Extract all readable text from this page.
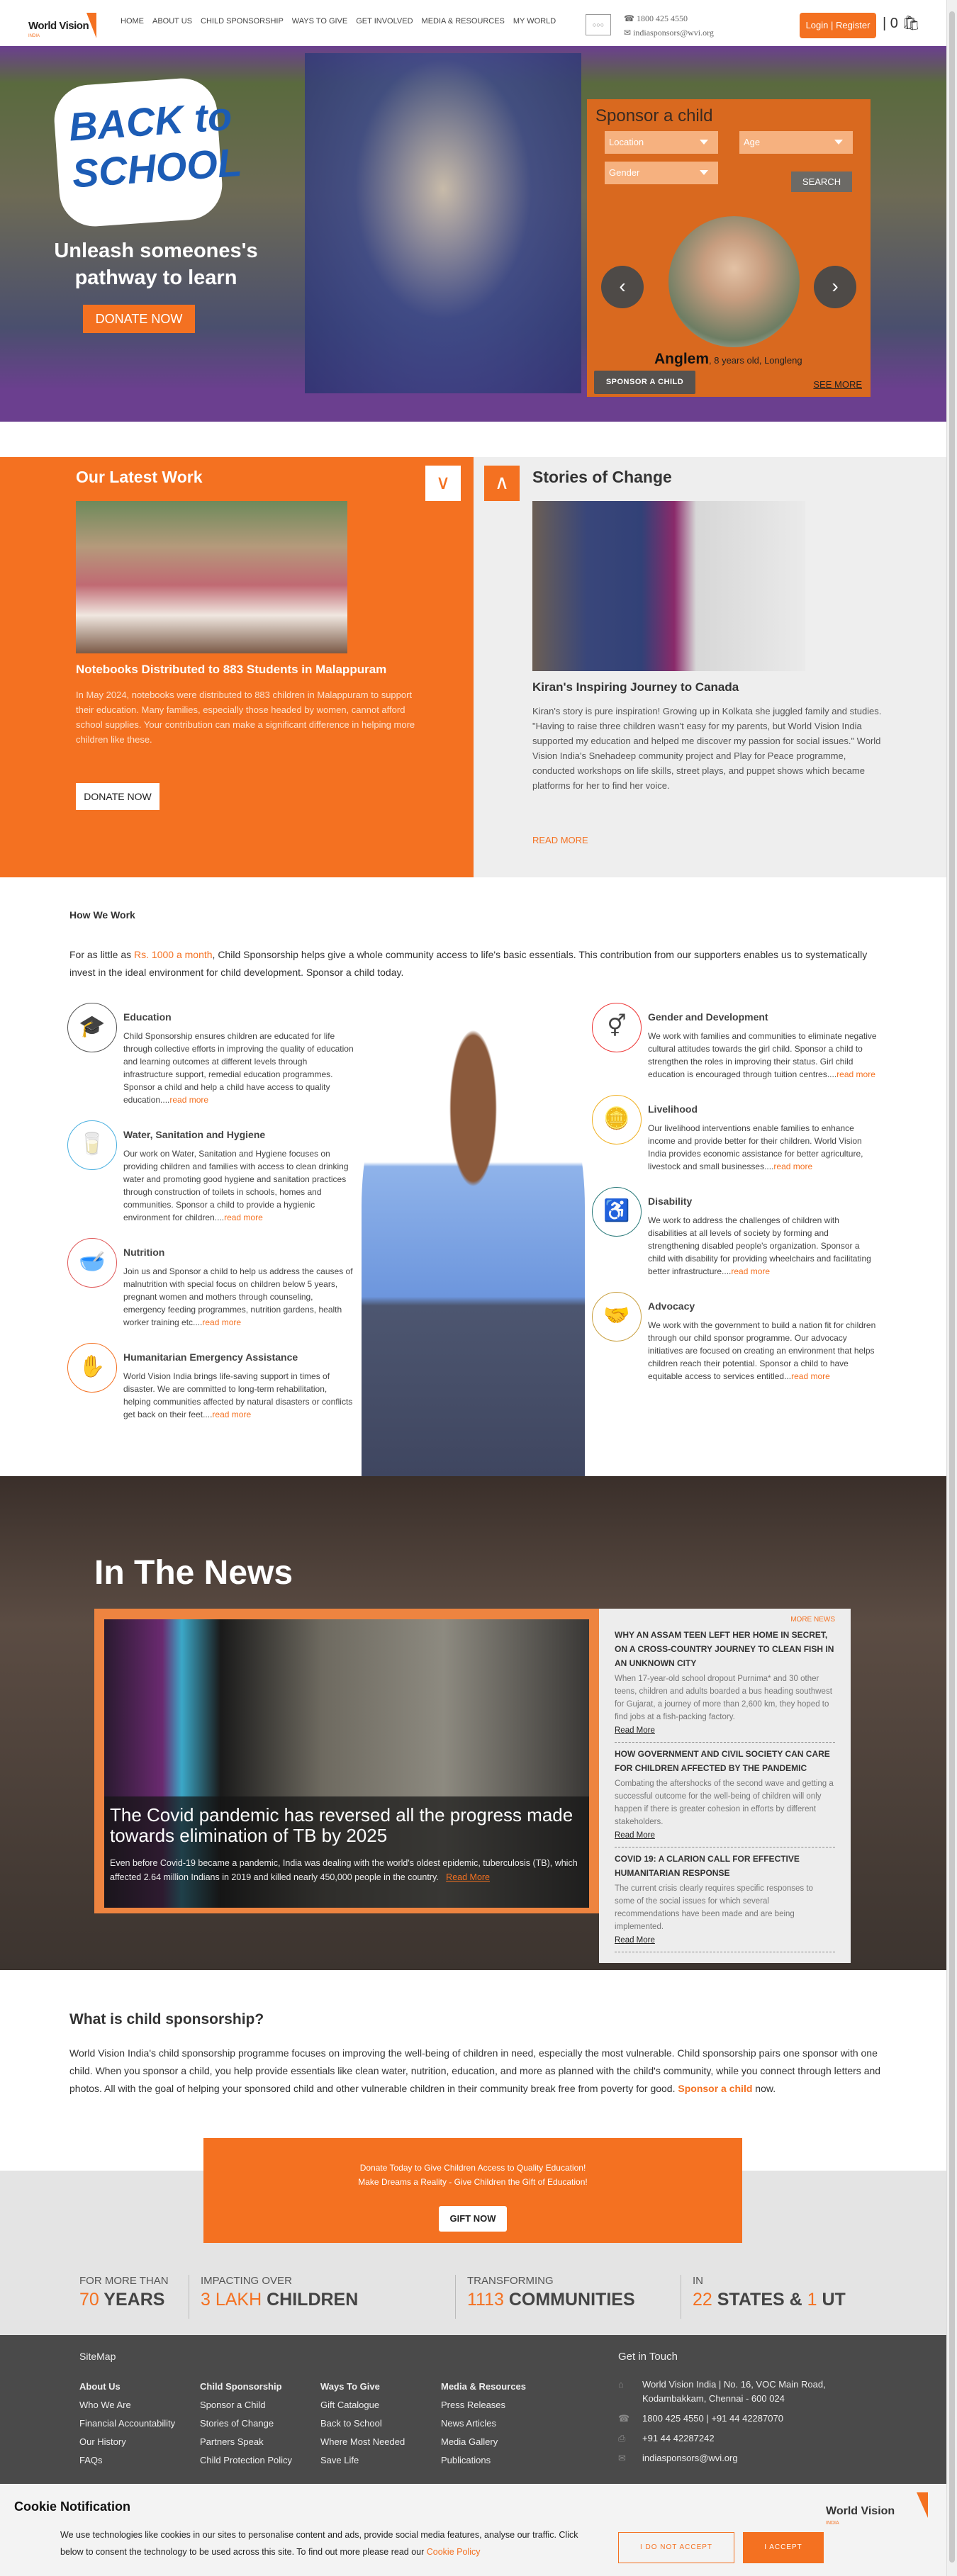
World Vision
INDIA
HOME ABOUT US CHILD SPONSORSHIP WAYS TO GIVE GET INVOLVED MEDIA & RESOURCES MY WORLD	○○○
☎ 1800 425 4550
✉ indiasponsors@wvi.org
Login | Register | 0 🛍
BACK to SCHOOL
Unleash someones's pathway to learn
DONATE NOW
Sponsor a child
Location	Age
Gender
SEARCH
‹	›
Anglem, 8 years old, Longleng
SPONSOR A CHILD	SEE MORE
Our Latest Work	∨
Notebooks Distributed to 883 Students in Malappuram

In May 2024, notebooks were distributed to 883 children in Malappuram to support their education. Many families, especially those headed by women, cannot afford school supplies. Your contribution can make a significant difference in helping more children like these.

DONATE NOW
∧	Stories of Change
Kiran's Inspiring Journey to Canada

Kiran's story is pure inspiration! Growing up in Kolkata she juggled family and studies. "Having to raise three children wasn't easy for my parents, but World Vision India supported my education and helped me discover my passion for social issues." World Vision India's Snehadeep community project and Play for Peace programme, conducted workshops on life skills, street plays, and puppet shows which became platforms for her to find her voice.

READ MORE
How We Work

For as little as Rs. 1000 a month, Child Sponsorship helps give a whole community access to life's basic essentials. This contribution from our supporters enables us to systematically invest in the ideal environment for child development. Sponsor a child today.

🎓	Education

Child Sponsorship ensures children are educated for life through collective efforts in improving the quality of education and learning outcomes at different levels through infrastructure support, remedial education programmes. Sponsor a child and help a child have access to quality education....read more

🥛	Water, Sanitation and Hygiene

Our work on Water, Sanitation and Hygiene focuses on providing children and families with access to clean drinking water and promoting good hygiene and sanitation practices through construction of toilets in schools, homes and communities. Sponsor a child to provide a hygienic environment for children....read more

🥣	Nutrition

Join us and Sponsor a child to help us address the causes of malnutrition with special focus on children below 5 years, pregnant women and mothers through counseling, emergency feeding programmes, nutrition gardens, health worker training etc....read more

✋	Humanitarian Emergency Assistance

World Vision India brings life-saving support in times of disaster. We are committed to long-term rehabilitation, helping communities affected by natural disasters or conflicts get back on their feet....read more

⚥	Gender and Development

We work with families and communities to eliminate negative cultural attitudes towards the girl child. Sponsor a child to strengthen the roles in improving their status. Girl child education is encouraged through tuition centres....read more

🪙	Livelihood

Our livelihood interventions enable families to enhance income and provide better for their children. World Vision India provides economic assistance for better agriculture, livestock and small businesses....read more

♿	Disability

We work to address the challenges of children with disabilities at all levels of society by forming and strengthening disabled people's organization. Sponsor a child with disability for providing wheelchairs and facilitating better infrastructure....read more

🤝	Advocacy

We work with the government to build a nation fit for children through our child sponsor programme. Our advocacy initiatives are focused on creating an environment that helps children reach their potential. Sponsor a child to have equitable access to services entitled...read more

In The News
The Covid pandemic has reversed all the progress made towards elimination of TB by 2025

Even before Covid-19 became a pandemic, India was dealing with the world's oldest epidemic, tuberculosis (TB), which affected 2.64 million Indians in 2019 and killed nearly 450,000 people in the country. Read More

MORE NEWS
WHY AN ASSAM TEEN LEFT HER HOME IN SECRET, ON A CROSS-COUNTRY JOURNEY TO CLEAN FISH IN AN UNKNOWN CITY

When 17-year-old school dropout Purnima* and 30 other teens, children and adults boarded a bus heading southwest for Gujarat, a journey of more than 2,600 km, they hoped to find jobs at a fish-packing factory.

Read More
HOW GOVERNMENT AND CIVIL SOCIETY CAN CARE FOR CHILDREN AFFECTED BY THE PANDEMIC

Combating the aftershocks of the second wave and getting a successful outcome for the well-being of children will only happen if there is greater cohesion in efforts by different stakeholders.

Read More
COVID 19: A CLARION CALL FOR EFFECTIVE HUMANITARIAN RESPONSE

The current crisis clearly requires specific responses to some of the social issues for which several recommendations have been made and are being implemented.

Read More
What is child sponsorship?

World Vision India's child sponsorship programme focuses on improving the well-being of children in need, especially the most vulnerable. Child sponsorship pairs one sponsor with one child. When you sponsor a child, you help provide essentials like clean water, nutrition, education, and more as planned with the child's community, while you connect through letters and photos. All with the goal of helping your sponsored child and other vulnerable children in their community break free from poverty for good. Sponsor a child now.

Donate Today to Give Children Access to Quality Education!
Make Dreams a Reality - Give Children the Gift of Education!

GIFT NOW
FOR MORE THAN
70 YEARS
IMPACTING OVER
3 LAKH CHILDREN
TRANSFORMING
1113 COMMUNITIES
IN
22 STATES & 1 UT
SiteMap
About Us
Who We Are
Financial Accountability
Our History
FAQs
Child Sponsorship
Sponsor a Child
Stories of Change
Partners Speak
Child Protection Policy
Ways To Give
Gift Catalogue
Back to School
Where Most Needed
Save Life
Media & Resources
Press Releases
News Articles
Media Gallery
Publications
Get in Touch
⌂	World Vision India | No. 16, VOC Main Road, Kodambakkam, Chennai - 600 024
☎ 1800 425 4550 | +91 44 42287070
⎙ +91 44 42287242
✉ indiasponsors@wvi.org
Cookie Notification

We use technologies like cookies in our sites to personalise content and ads, provide social media features, analyse our traffic. Click below to consent the technology to be used across this site. To find out more please read our Cookie Policy	I DO NOT ACCEPT	I ACCEPT
World Vision
INDIA
